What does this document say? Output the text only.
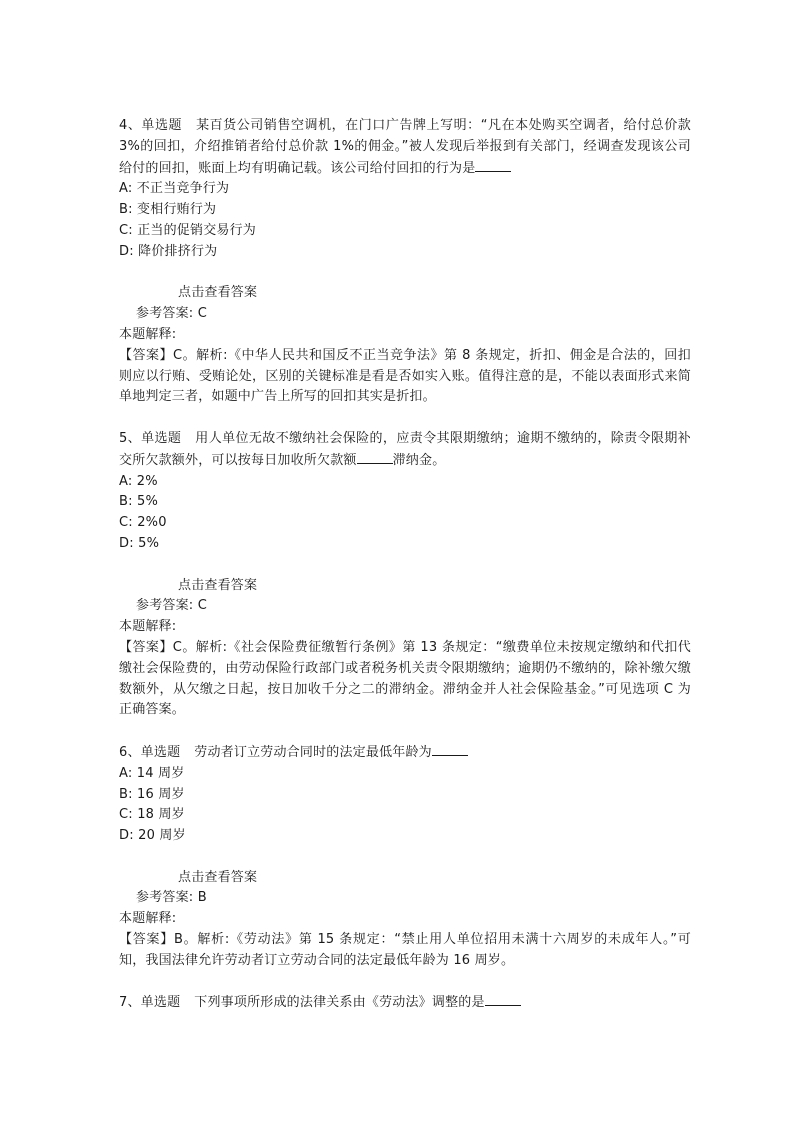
4、单选题 某百货公司销售空调机，在门口广告牌上写明：“凡在本处购买空调者，给付总价款 3%的回扣，介绍推销者给付总价款 1%的佣金。”被人发现后举报到有关部门，经调查发现该公司给付的回扣，账面上均有明确记载。该公司给付回扣的行为是

A: 不正当竞争行为

B: 变相行贿行为

C: 正当的促销交易行为

D: 降价排挤行为

点击查看答案

参考答案: C

本题解释:

【答案】C。解析:《中华人民共和国反不正当竞争法》第 8 条规定，折扣、佣金是合法的，回扣则应以行贿、受贿论处，区别的关键标准是看是否如实入账。值得注意的是，不能以表面形式来简单地判定三者，如题中广告上所写的回扣其实是折扣。

5、单选题 用人单位无故不缴纳社会保险的，应责令其限期缴纳；逾期不缴纳的，除责令限期补交所欠款额外，可以按每日加收所欠款额	滞纳金。

A: 2%

B: 5%

C: 2%0

D: 5%

点击查看答案

参考答案: C

本题解释:

【答案】C。解析:《社会保险费征缴暂行条例》第 13 条规定：“缴费单位未按规定缴纳和代扣代缴社会保险费的，由劳动保险行政部门或者税务机关责令限期缴纳；逾期仍不缴纳的，除补缴欠缴数额外，从欠缴之日起，按日加收千分之二的滞纳金。滞纳金并人社会保险基金。”可见选项 C 为正确答案。

6、单选题 劳动者订立劳动合同时的法定最低年龄为

A: 14 周岁

B: 16 周岁

C: 18 周岁

D: 20 周岁

点击查看答案

参考答案: B

本题解释:

【答案】B。解析:《劳动法》第 15 条规定：“禁止用人单位招用未满十六周岁的未成年人。”可知，我国法律允许劳动者订立劳动合同的法定最低年龄为 16 周岁。

7、单选题 下列事项所形成的法律关系由《劳动法》调整的是
